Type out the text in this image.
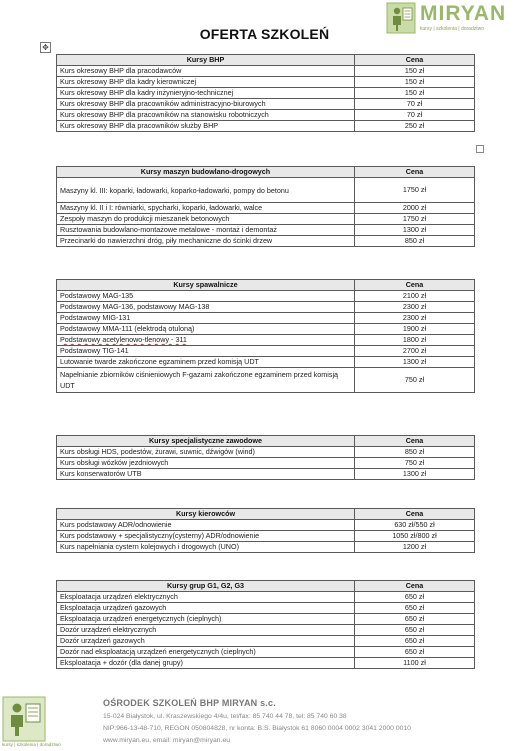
MIRYAN
kursy | szkolenia | doradztwo
OFERTA SZKOLEŃ
✥
Kursy BHP	Cena
Kurs okresowy BHP dla pracodawców	150 zł
Kurs okresowy BHP dla kadry kierowniczej	150 zł
Kurs okresowy BHP dla kadry inżynieryjno-technicznej	150 zł
Kurs okresowy BHP dla pracowników administracyjno-biurowych	70 zł
Kurs okresowy BHP dla pracowników na stanowisku robotniczych	70 zł
Kurs okresowy BHP dla pracowników służby BHP	250 zł
Kursy maszyn budowlano-drogowych	Cena
Maszyny kl. III: koparki, ładowarki, koparko-ładowarki, pompy do betonu	1750 zł
Maszyny kl. II i I: równiarki, spycharki, koparki, ładowarki, walce	2000 zł
Zespoły maszyn do produkcji mieszanek betonowych	1750 zł
Rusztowania budowlano-montażowe metalowe - montaż i demontaż	1300 zł
Przecinarki do nawierzchni dróg, piły mechaniczne do ścinki drzew	850 zł
Kursy spawalnicze	Cena
Podstawowy MAG-135	2100 zł
Podstawowy MAG-136, podstawowy MAG-138	2300 zł
Podstawowy MIG-131	2300 zł
Podstawowy MMA-111 (elektrodą otuloną)	1900 zł
Podstawowy acetylenowo-tlenowy - 311	1800 zł
Podstawowy TIG-141	2700 zł
Lutowanie twarde zakończone egzaminem przed komisją UDT	1300 zł
Napełnianie zbiorników ciśnieniowych F-gazami zakończone egzaminem przed komisją UDT	750 zł
Kursy specjalistyczne zawodowe	Cena
Kurs obsługi HDS, podestów, żurawi, suwnic, dźwigów (wind)	850 zł
Kurs obsługi wózków jezdniowych	750 zł
Kurs konserwatorów UTB	1300 zł
Kursy kierowców	Cena
Kurs podstawowy ADR/odnowienie	630 zł/550 zł
Kurs podstawowy + specjalistyczny(cysterny) ADR/odnowienie	1050 zł/800 zł
Kurs napełniania cystern kolejowych i drogowych (UNO)	1200 zł
Kursy grup G1, G2, G3	Cena
Eksploatacja urządzeń elektrycznych	650 zł
Eksploatacja urządzeń gazowych	650 zł
Eksploatacja urządzeń energetycznych (cieplnych)	650 zł
Dozór urządzeń elektrycznych	650 zł
Dozór urządzeń gazowych	650 zł
Dozór nad eksploatacją urządzeń energetycznych (cieplnych)	650 zł
Eksploatacja + dozór (dla danej grupy)	1100 zł
kursy | szkolenia | doradztwo
OŚRODEK SZKOLEŃ BHP MIRYAN s.c.
15-024 Białystok, ul. Kraszewskiego 4/4u, tel/fax: 85 740 44 78, tel: 85 740 60 38
NIP:966-13-48-710, REGON 050804828, nr konta: B.S. Białystok 61 8060 0004 0002 3041 2000 0010
www.miryan.eu, email: miryan@miryan.eu
